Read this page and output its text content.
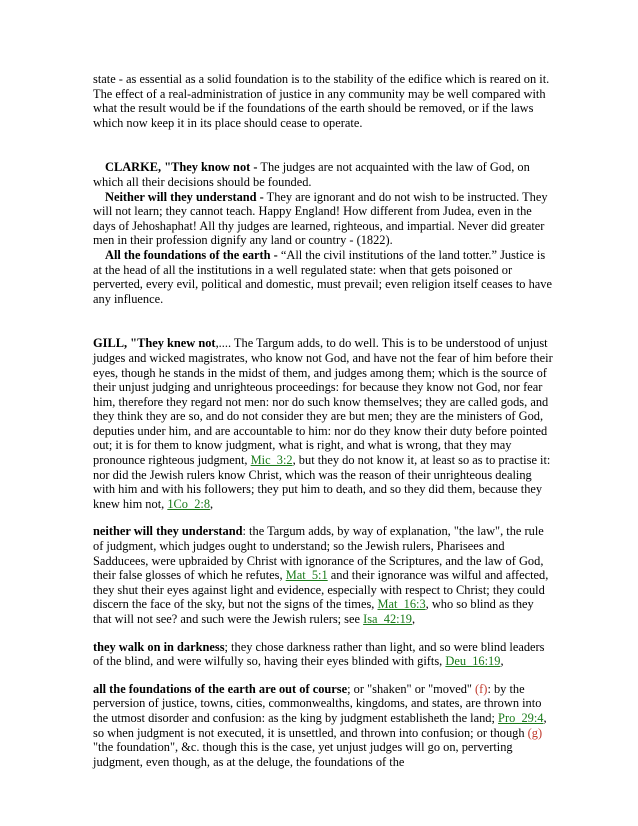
state - as essential as a solid foundation is to the stability of the edifice which is reared on it. The effect of a real-administration of justice in any community may be well compared with what the result would be if the foundations of the earth should be removed, or if the laws which now keep it in its place should cease to operate.

CLARKE, "They know not - The judges are not acquainted with the law of God, on which all their decisions should be founded.

Neither will they understand - They are ignorant and do not wish to be instructed. They will not learn; they cannot teach. Happy England! How different from Judea, even in the days of Jehoshaphat! All thy judges are learned, righteous, and impartial. Never did greater men in their profession dignify any land or country - (1822).

All the foundations of the earth - “All the civil institutions of the land totter.” Justice is at the head of all the institutions in a well regulated state: when that gets poisoned or perverted, every evil, political and domestic, must prevail; even religion itself ceases to have any influence.

GILL, "They knew not,.... The Targum adds, to do well. This is to be understood of unjust judges and wicked magistrates, who know not God, and have not the fear of him before their eyes, though he stands in the midst of them, and judges among them; which is the source of their unjust judging and unrighteous proceedings: for because they know not God, nor fear him, therefore they regard not men: nor do such know themselves; they are called gods, and they think they are so, and do not consider they are but men; they are the ministers of God, deputies under him, and are accountable to him: nor do they know their duty before pointed out; it is for them to know judgment, what is right, and what is wrong, that they may pronounce righteous judgment, Mic_3:2, but they do not know it, at least so as to practise it: nor did the Jewish rulers know Christ, which was the reason of their unrighteous dealing with him and with his followers; they put him to death, and so they did them, because they knew him not, 1Co_2:8,

neither will they understand: the Targum adds, by way of explanation, "the law", the rule of judgment, which judges ought to understand; so the Jewish rulers, Pharisees and Sadducees, were upbraided by Christ with ignorance of the Scriptures, and the law of God, their false glosses of which he refutes, Mat_5:1 and their ignorance was wilful and affected, they shut their eyes against light and evidence, especially with respect to Christ; they could discern the face of the sky, but not the signs of the times, Mat_16:3, who so blind as they that will not see? and such were the Jewish rulers; see Isa_42:19,

they walk on in darkness; they chose darkness rather than light, and so were blind leaders of the blind, and were wilfully so, having their eyes blinded with gifts, Deu_16:19,

all the foundations of the earth are out of course; or "shaken" or "moved" (f): by the perversion of justice, towns, cities, commonwealths, kingdoms, and states, are thrown into the utmost disorder and confusion: as the king by judgment establisheth the land; Pro_29:4, so when judgment is not executed, it is unsettled, and thrown into confusion; or though (g) "the foundation", &c. though this is the case, yet unjust judges will go on, perverting judgment, even though, as at the deluge, the foundations of the
